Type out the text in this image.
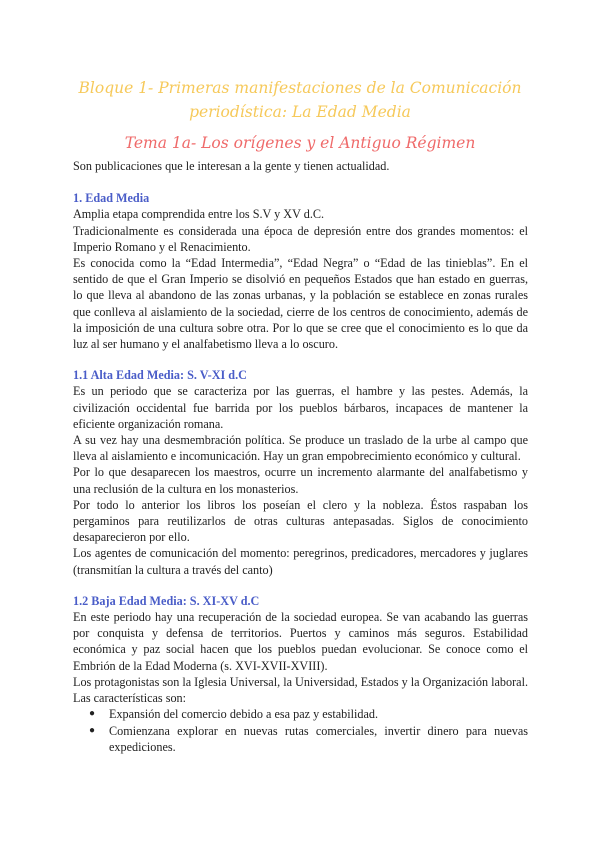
Bloque 1- Primeras manifestaciones de la Comunicación
periodística: La Edad Media
Tema 1a- Los orígenes y el Antiguo Régimen

Son publicaciones que le interesan a la gente y tienen actualidad.

1. Edad Media

Amplia etapa comprendida entre los S.V y XV d.C.

Tradicionalmente es considerada una época de depresión entre dos grandes momentos: el Imperio Romano y el Renacimiento.

Es conocida como la “Edad Intermedia”, “Edad Negra” o “Edad de las tinieblas”. En el sentido de que el Gran Imperio se disolvió en pequeños Estados que han estado en guerras, lo que lleva al abandono de las zonas urbanas, y la población se establece en zonas rurales que conlleva al aislamiento de la sociedad, cierre de los centros de conocimiento, además de la imposición de una cultura sobre otra. Por lo que se cree que el conocimiento es lo que da luz al ser humano y el analfabetismo lleva a lo oscuro.

1.1 Alta Edad Media: S. V-XI d.C

Es un periodo que se caracteriza por las guerras, el hambre y las pestes. Además, la civilización occidental fue barrida por los pueblos bárbaros, incapaces de mantener la eficiente organización romana.

A su vez hay una desmembración política. Se produce un traslado de la urbe al campo que lleva al aislamiento e incomunicación. Hay un gran empobrecimiento económico y cultural.

Por lo que desaparecen los maestros, ocurre un incremento alarmante del analfabetismo y una reclusión de la cultura en los monasterios.

Por todo lo anterior los libros los poseían el clero y la nobleza. Éstos raspaban los pergaminos para reutilizarlos de otras culturas antepasadas. Siglos de conocimiento desaparecieron por ello.

Los agentes de comunicación del momento: peregrinos, predicadores, mercadores y juglares (transmitían la cultura a través del canto)

1.2 Baja Edad Media: S. XI-XV d.C

En este periodo hay una recuperación de la sociedad europea. Se van acabando las guerras por conquista y defensa de territorios. Puertos y caminos más seguros. Estabilidad económica y paz social hacen que los pueblos puedan evolucionar. Se conoce como el Embrión de la Edad Moderna (s. XVI-XVII-XVIII).

Los protagonistas son la Iglesia Universal, la Universidad, Estados y la Organización laboral.

Las características son:

● Expansión del comercio debido a esa paz y estabilidad.
● Comienzana explorar en nuevas rutas comerciales, invertir dinero para nuevas expediciones.
